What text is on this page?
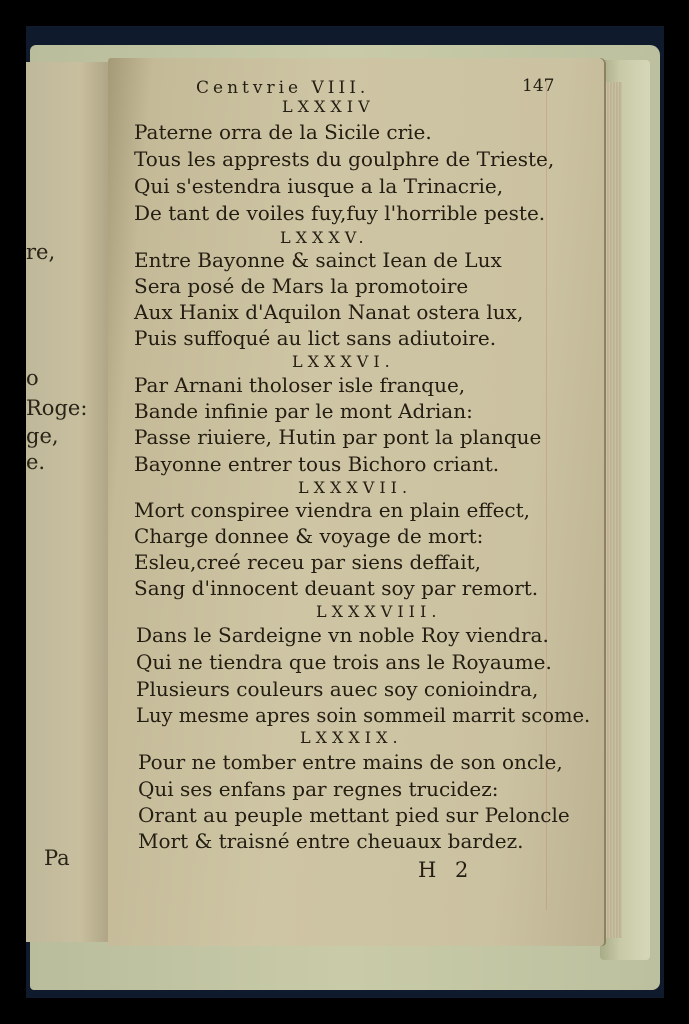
re,
o
Roge:
ge,
e.
Pa
Centvrie VIII.	147
LXXXIV
Paterne orra de la Sicile crie.
Tous les apprests du goulphre de Trieste,
Qui s'estendra iusque a la Trinacrie,
De tant de voiles fuy,fuy l'horrible peste.
LXXXV.
Entre Bayonne & sainct Iean de Lux
Sera posé de Mars la promotoire
Aux Hanix d'Aquilon Nanat ostera lux,
Puis suffoqué au lict sans adiutoire.
LXXXVI.
Par Arnani tholoser isle franque,
Bande infinie par le mont Adrian:
Passe riuiere, Hutin par pont la planque
Bayonne entrer tous Bichoro criant.
LXXXVII.
Mort conspiree viendra en plain effect,
Charge donnee & voyage de mort:
Esleu,creé receu par siens deffait,
Sang d'innocent deuant soy par remort.
LXXXVIII.
Dans le Sardeigne vn noble Roy viendra.
Qui ne tiendra que trois ans le Royaume.
Plusieurs couleurs auec soy conioindra,
Luy mesme apres soin sommeil marrit scome.
LXXXIX.
Pour ne tomber entre mains de son oncle,
Qui ses enfans par regnes trucidez:
Orant au peuple mettant pied sur Peloncle
Mort & traisné entre cheuaux bardez.
H 2
